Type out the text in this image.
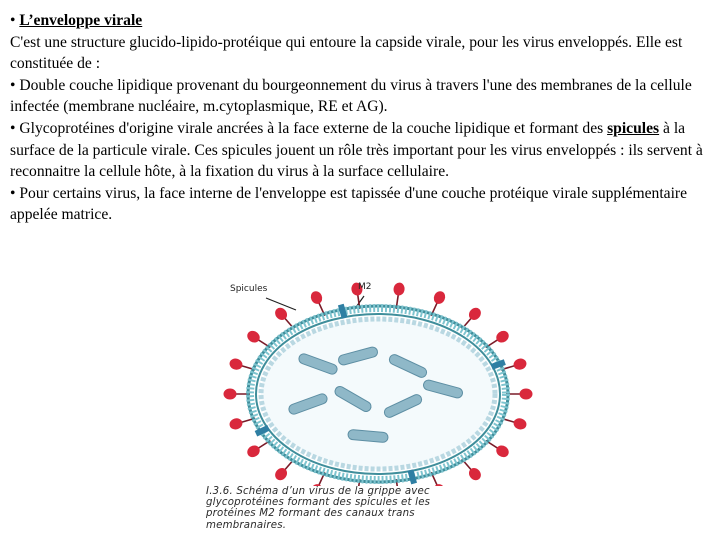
• L’enveloppe virale

C'est une structure glucido-lipido-protéique qui entoure la capside virale, pour les virus enveloppés. Elle est constituée de :

• Double couche lipidique provenant du bourgeonnement du virus à travers l'une des membranes de la cellule infectée (membrane nucléaire, m.cytoplasmique, RE et AG).

• Glycoprotéines d'origine virale ancrées à la face externe de la couche lipidique et formant des spicules à la surface de la particule virale. Ces spicules jouent un rôle très important pour les virus enveloppés : ils servent à reconnaitre la cellule hôte, à la fixation du virus à la surface cellulaire.

• Pour certains virus, la face interne de l'enveloppe est tapissée d'une couche protéique virale supplémentaire appelée matrice.

Spicules	M2
I.3.6. Schéma d’un virus de la grippe avec
glycoprotéines formant des spicules et les
protéines M2 formant des canaux trans
membranaires.
